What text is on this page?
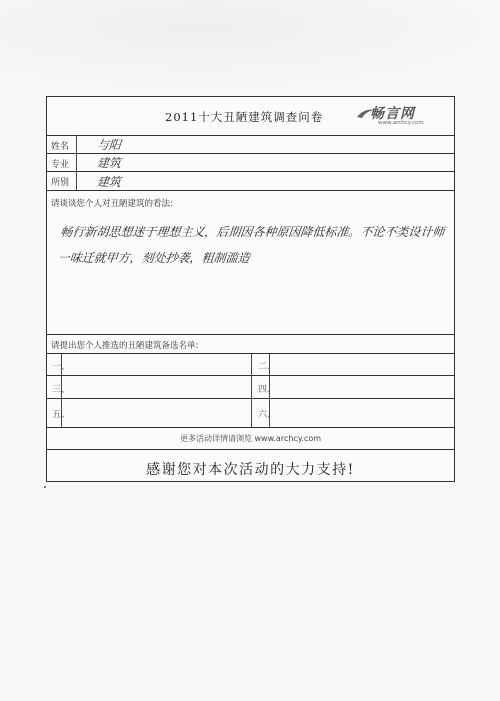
2011十大丑陋建筑调查问卷	畅言网
www.archcy.com
姓名 与阳
专业 建筑
所别 建筑
请谈谈您个人对丑陋建筑的看法:
畅行新胡思想迷于理想主义，后期因各种原因降低标准。不论不类设计师一味迁就甲方，刻处抄袭，粗制滥造
请提出您个人推选的丑陋建筑备选名单:
一、	二、
三、	四、
五、	六、
更多活动详情请浏览 www.archcy.com
感谢您对本次活动的大力支持!
